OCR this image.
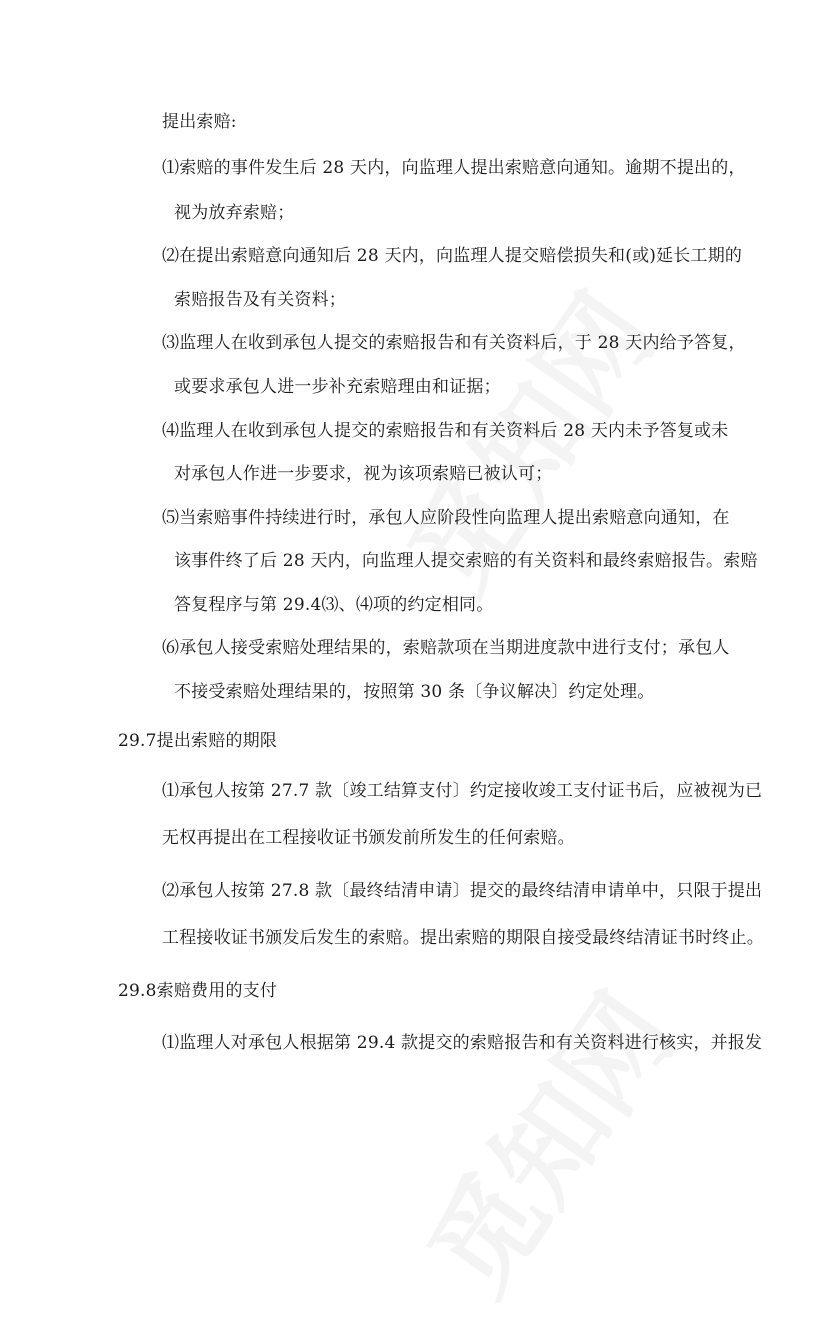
提出索赔:
⑴索赔的事件发生后 28 天内，向监理人提出索赔意向通知。逾期不提出的，
视为放弃索赔；
⑵在提出索赔意向通知后 28 天内，向监理人提交赔偿损失和(或)延长工期的
索赔报告及有关资料；
⑶监理人在收到承包人提交的索赔报告和有关资料后，于 28 天内给予答复，
或要求承包人进一步补充索赔理由和证据；
⑷监理人在收到承包人提交的索赔报告和有关资料后 28 天内未予答复或未
对承包人作进一步要求，视为该项索赔已被认可；
⑸当索赔事件持续进行时，承包人应阶段性向监理人提出索赔意向通知，在
该事件终了后 28 天内，向监理人提交索赔的有关资料和最终索赔报告。索赔
答复程序与第 29.4⑶、⑷项的约定相同。
⑹承包人接受索赔处理结果的，索赔款项在当期进度款中进行支付；承包人
不接受索赔处理结果的，按照第 30 条〔争议解决〕约定处理。
29.7提出索赔的期限
⑴承包人按第 27.7 款〔竣工结算支付〕约定接收竣工支付证书后，应被视为已
无权再提出在工程接收证书颁发前所发生的任何索赔。
⑵承包人按第 27.8 款〔最终结清申请〕提交的最终结清申请单中，只限于提出
工程接收证书颁发后发生的索赔。提出索赔的期限自接受最终结清证书时终止。
29.8索赔费用的支付
⑴监理人对承包人根据第 29.4 款提交的索赔报告和有关资料进行核实，并报发
